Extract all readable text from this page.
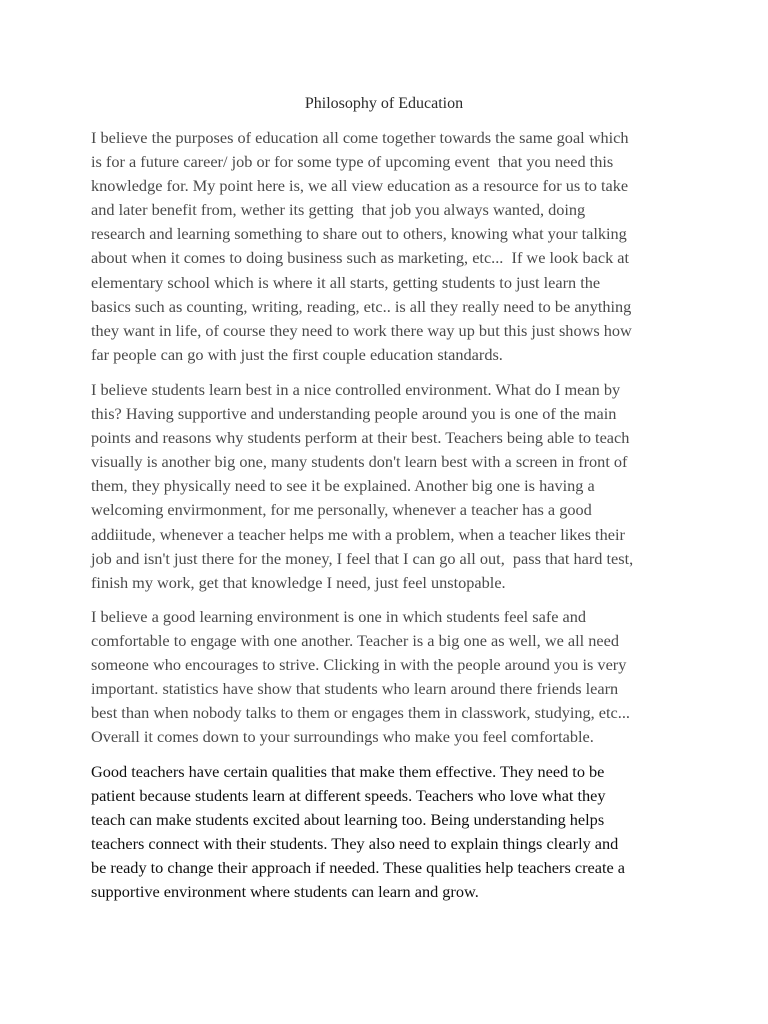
Philosophy of Education

I believe the purposes of education all come together towards the same goal which
is for a future career/ job or for some type of upcoming event  that you need this
knowledge for. My point here is, we all view education as a resource for us to take
and later benefit from, wether its getting  that job you always wanted, doing
research and learning something to share out to others, knowing what your talking
about when it comes to doing business such as marketing, etc...  If we look back at
elementary school which is where it all starts, getting students to just learn the
basics such as counting, writing, reading, etc.. is all they really need to be anything
they want in life, of course they need to work there way up but this just shows how
far people can go with just the first couple education standards.

I believe students learn best in a nice controlled environment. What do I mean by
this? Having supportive and understanding people around you is one of the main
points and reasons why students perform at their best. Teachers being able to teach
visually is another big one, many students don't learn best with a screen in front of
them, they physically need to see it be explained. Another big one is having a
welcoming envirmonment, for me personally, whenever a teacher has a good
addiitude, whenever a teacher helps me with a problem, when a teacher likes their
job and isn't just there for the money, I feel that I can go all out,  pass that hard test,
finish my work, get that knowledge I need, just feel unstopable.

I believe a good learning environment is one in which students feel safe and
comfortable to engage with one another. Teacher is a big one as well, we all need
someone who encourages to strive. Clicking in with the people around you is very
important. statistics have show that students who learn around there friends learn
best than when nobody talks to them or engages them in classwork, studying, etc...
Overall it comes down to your surroundings who make you feel comfortable.

Good teachers have certain qualities that make them effective. They need to be
patient because students learn at different speeds. Teachers who love what they
teach can make students excited about learning too. Being understanding helps
teachers connect with their students. They also need to explain things clearly and
be ready to change their approach if needed. These qualities help teachers create a
supportive environment where students can learn and grow.
